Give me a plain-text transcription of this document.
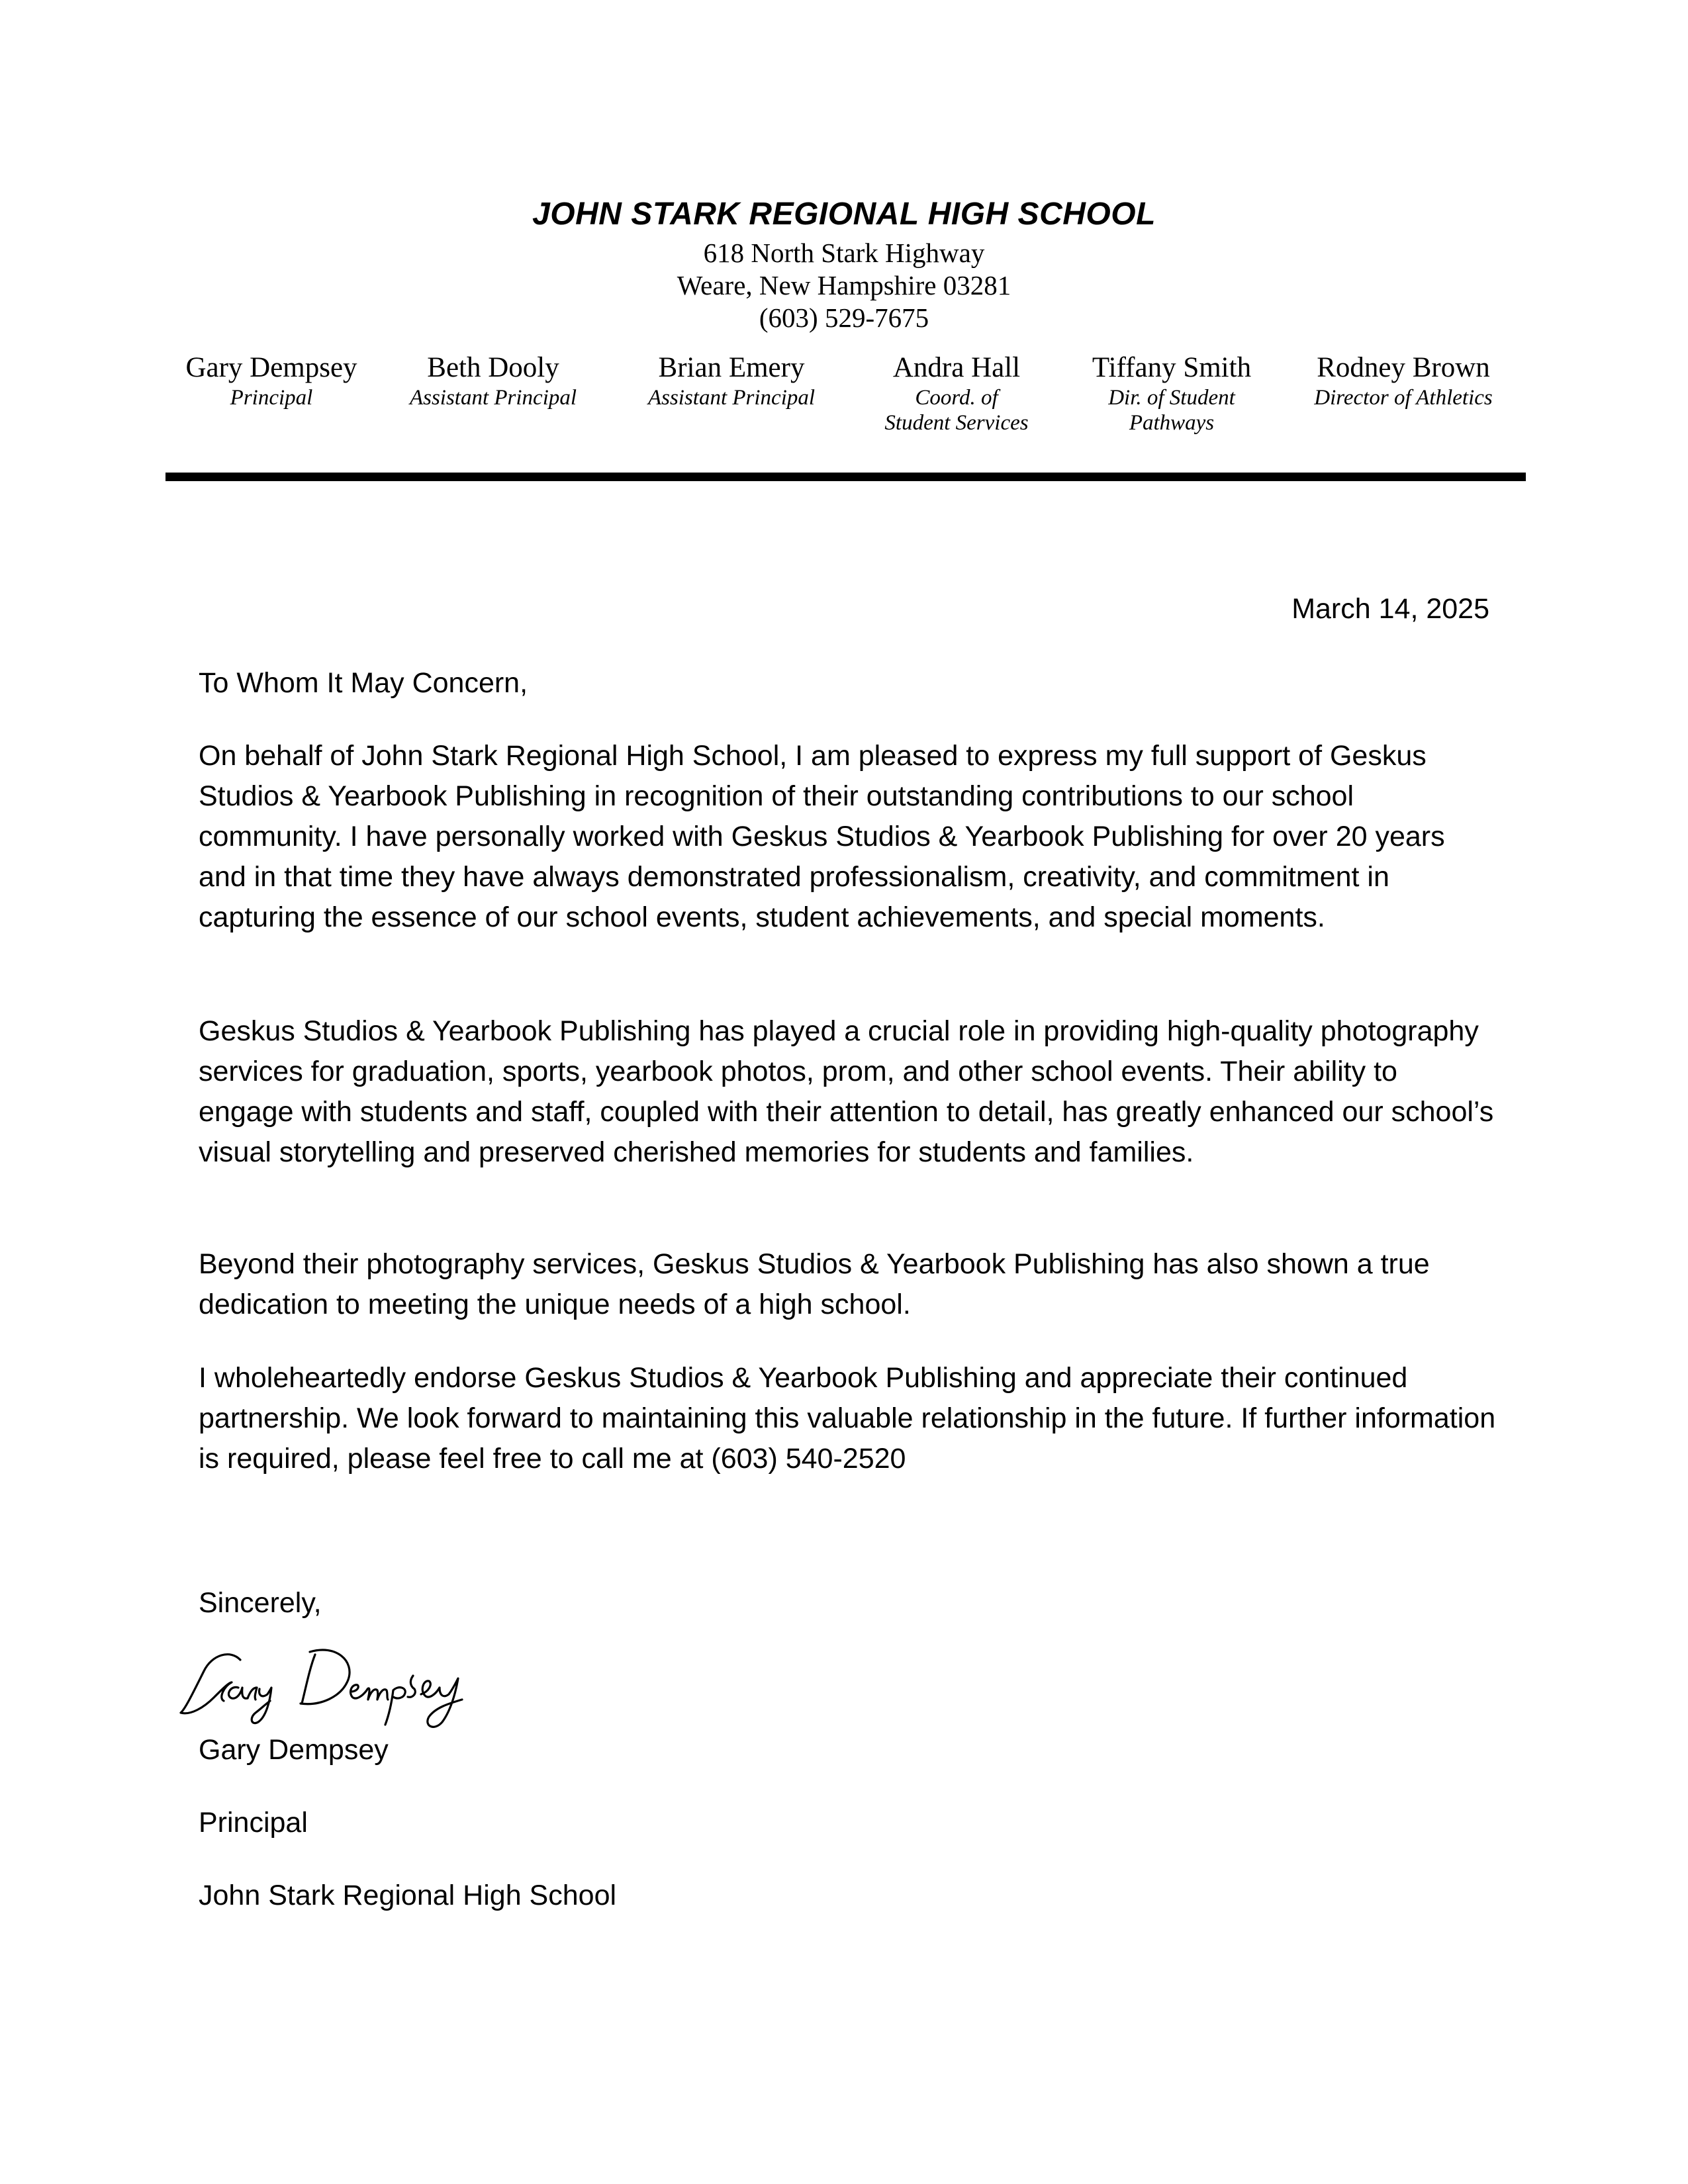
JOHN STARK REGIONAL HIGH SCHOOL
618 North Stark Highway
Weare, New Hampshire 03281
(603) 529-7675
Gary Dempsey
Principal
Beth Dooly
Assistant Principal
Brian Emery
Assistant Principal
Andra Hall
Coord. of
Student Services
Tiffany Smith
Dir. of Student
Pathways
Rodney Brown
Director of Athletics
March 14, 2025
To Whom It May Concern,

On behalf of John Stark Regional High School, I am pleased to express my full support of Geskus Studios & Yearbook Publishing in recognition of their outstanding contributions to our school community. I have personally worked with Geskus Studios & Yearbook Publishing for over 20 years and in that time they have always demonstrated professionalism, creativity, and commitment in capturing the essence of our school events, student achievements, and special moments.

Geskus Studios & Yearbook Publishing has played a crucial role in providing high-quality photography services for graduation, sports, yearbook photos, prom, and other school events. Their ability to engage with students and staff, coupled with their attention to detail, has greatly enhanced our school’s visual storytelling and preserved cherished memories for students and families.

Beyond their photography services, Geskus Studios & Yearbook Publishing has also shown a true dedication to meeting the unique needs of a high school.

I wholeheartedly endorse Geskus Studios & Yearbook Publishing and appreciate their continued partnership. We look forward to maintaining this valuable relationship in the future. If further information is required, please feel free to call me at (603) 540-2520

Sincerely,
Gary Dempsey
Principal
John Stark Regional High School
